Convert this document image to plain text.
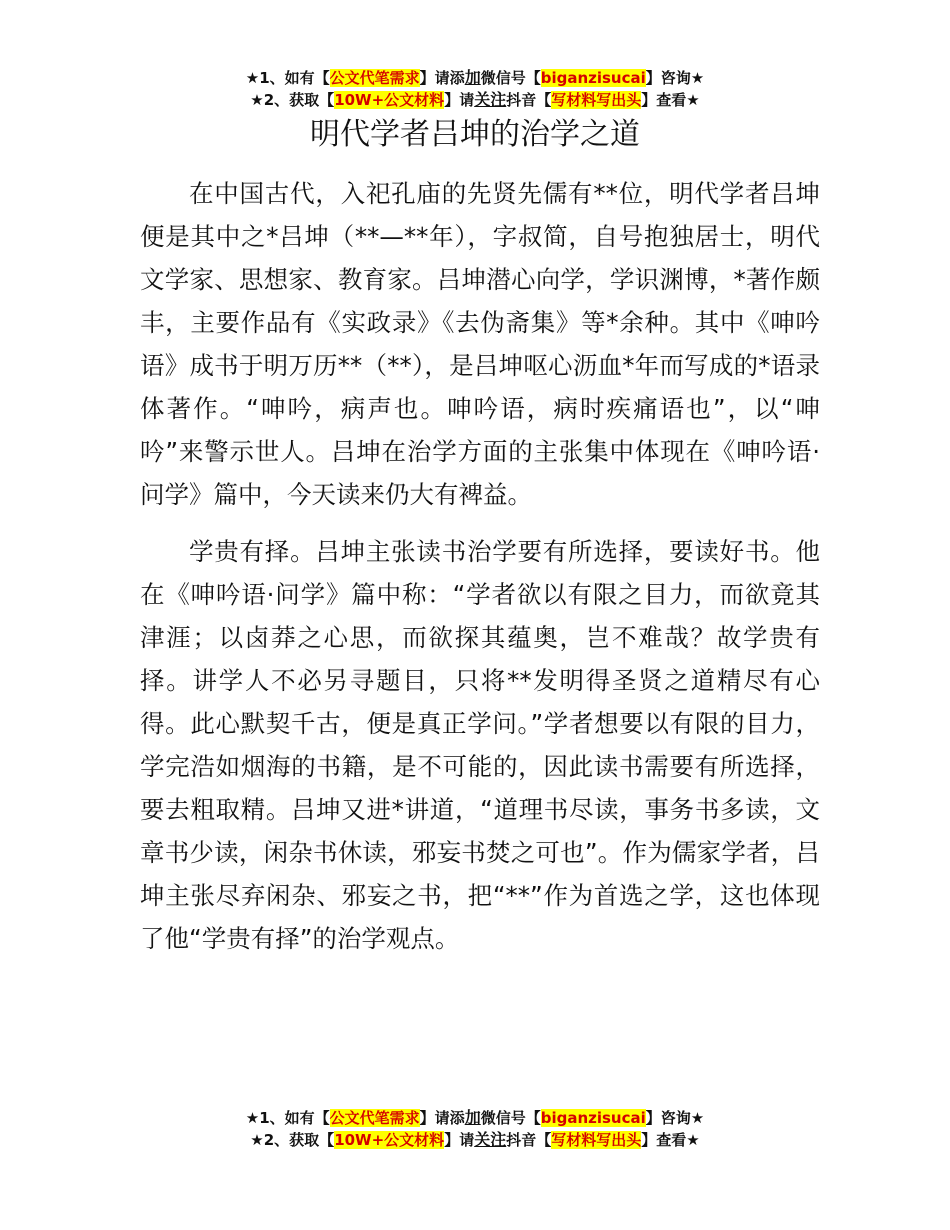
★1、如有【公文代笔需求】请添加微信号【biganzisucai】咨询★
★2、获取【10W+公文材料】请关注抖音【写材料写出头】查看★
明代学者吕坤的治学之道

在中国古代，入祀孔庙的先贤先儒有**位，明代学者吕坤便是其中之*吕坤（**—**年），字叔简，自号抱独居士，明代文学家、思想家、教育家。吕坤潜心向学，学识渊博，*著作颇丰，主要作品有《实政录》《去伪斋集》等*余种。其中《呻吟语》成书于明万历**（**），是吕坤呕心沥血*年而写成的*语录体著作。“呻吟，病声也。呻吟语，病时疾痛语也”，以“呻吟”来警示世人。吕坤在治学方面的主张集中体现在《呻吟语·问学》篇中，今天读来仍大有裨益。

学贵有择。吕坤主张读书治学要有所选择，要读好书。他在《呻吟语·问学》篇中称：“学者欲以有限之目力，而欲竟其津涯；以卤莽之心思，而欲探其蕴奥，岂不难哉？故学贵有择。讲学人不必另寻题目，只将**发明得圣贤之道精尽有心得。此心默契千古，便是真正学问。”学者想要以有限的目力，学完浩如烟海的书籍，是不可能的，因此读书需要有所选择，要去粗取精。吕坤又进*讲道，“道理书尽读，事务书多读，文章书少读，闲杂书休读，邪妄书焚之可也”。作为儒家学者，吕坤主张尽弃闲杂、邪妄之书，把“**”作为首选之学，这也体现了他“学贵有择”的治学观点。

★1、如有【公文代笔需求】请添加微信号【biganzisucai】咨询★
★2、获取【10W+公文材料】请关注抖音【写材料写出头】查看★
